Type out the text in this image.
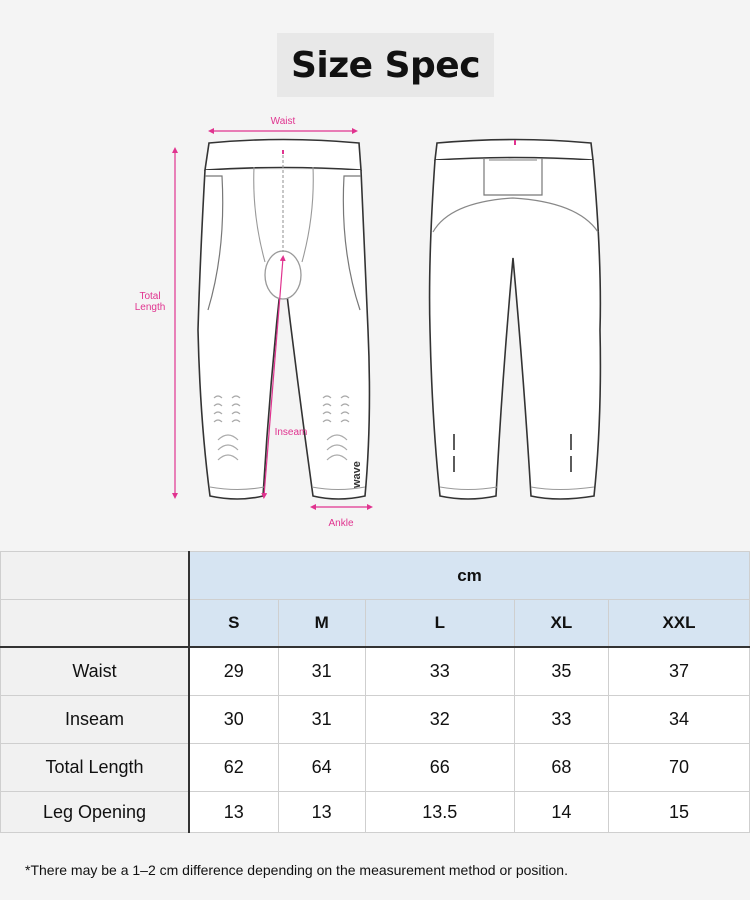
Size Spec
wave
Waist
Total
Length
Inseam
Ankle
	cm				
	S	M	L	XL	XXL
Waist	29	31	33	35	37
Inseam	30	31	32	33	34
Total Length	62	64	66	68	70
Leg Opening	13	13	13.5	14	15
*There may be a 1–2 cm difference depending on the measurement method or position.
